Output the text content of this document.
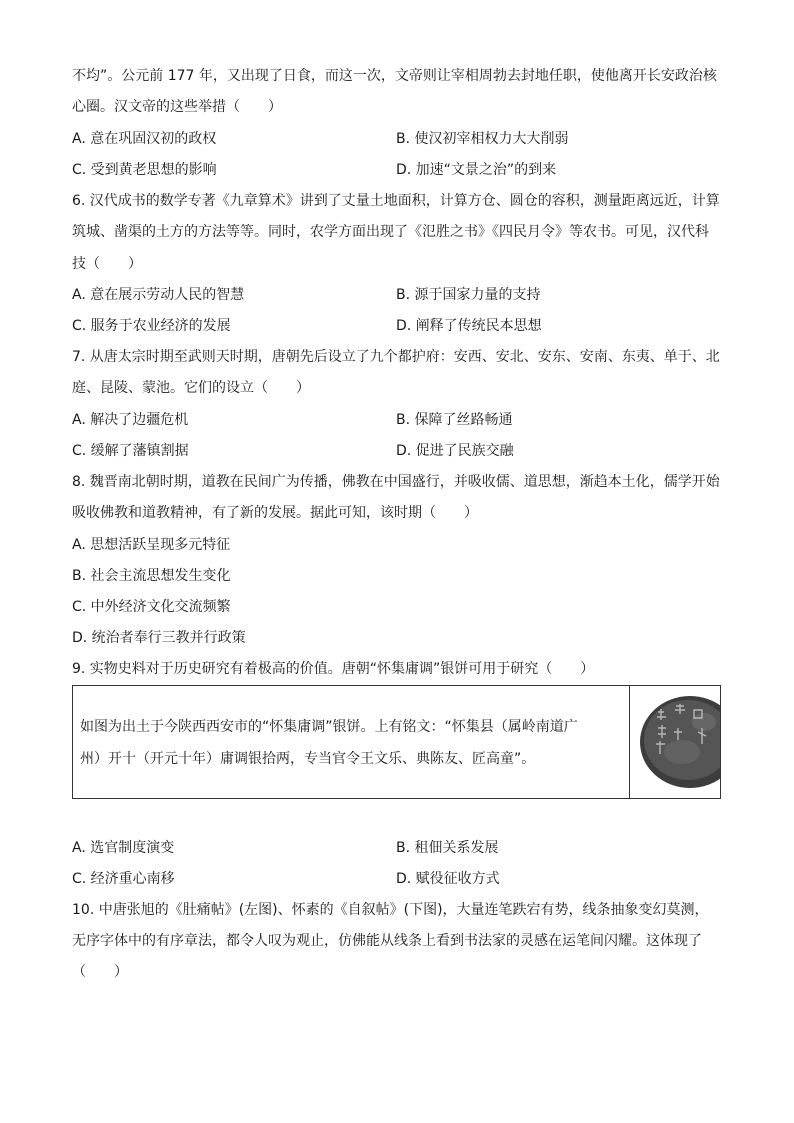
不均”。公元前 177 年，又出现了日食，而这一次，文帝则让宰相周勃去封地任职，使他离开长安政治核
心圈。汉文帝的这些举措（　　）
A. 意在巩固汉初的政权	B. 使汉初宰相权力大大削弱
C. 受到黄老思想的影响	D. 加速“文景之治”的到来
6. 汉代成书的数学专著《九章算术》讲到了丈量土地面积，计算方仓、圆仓的容积，测量距离远近，计算
筑城、凿渠的土方的方法等等。同时，农学方面出现了《氾胜之书》《四民月令》等农书。可见，汉代科
技（　　）
A. 意在展示劳动人民的智慧	B. 源于国家力量的支持
C. 服务于农业经济的发展	D. 阐释了传统民本思想
7. 从唐太宗时期至武则天时期，唐朝先后设立了九个都护府：安西、安北、安东、安南、东夷、单于、北
庭、昆陵、蒙池。它们的设立（　　）
A. 解决了边疆危机	B. 保障了丝路畅通
C. 缓解了藩镇割据	D. 促进了民族交融
8. 魏晋南北朝时期，道教在民间广为传播，佛教在中国盛行，并吸收儒、道思想，渐趋本土化，儒学开始
吸收佛教和道教精神，有了新的发展。据此可知，该时期（　　）
A. 思想活跃呈现多元特征
B. 社会主流思想发生变化
C. 中外经济文化交流频繁
D. 统治者奉行三教并行政策
9. 实物史料对于历史研究有着极高的价值。唐朝“怀集庸调”银饼可用于研究（　　）
如图为出土于今陕西西安市的“怀集庸调”银饼。上有铭文：“怀集县（属岭南道广
州）开十（开元十年）庸调银拾两，专当官令王文乐、典陈友、匠高童”。
A. 选官制度演变	B. 租佃关系发展
C. 经济重心南移	D. 赋役征收方式
10. 中唐张旭的《肚痛帖》(左图)、怀素的《自叙帖》(下图)，大量连笔跌宕有势，线条抽象变幻莫测，
无序字体中的有序章法，都令人叹为观止，仿佛能从线条上看到书法家的灵感在运笔间闪耀。这体现了
（　　）
